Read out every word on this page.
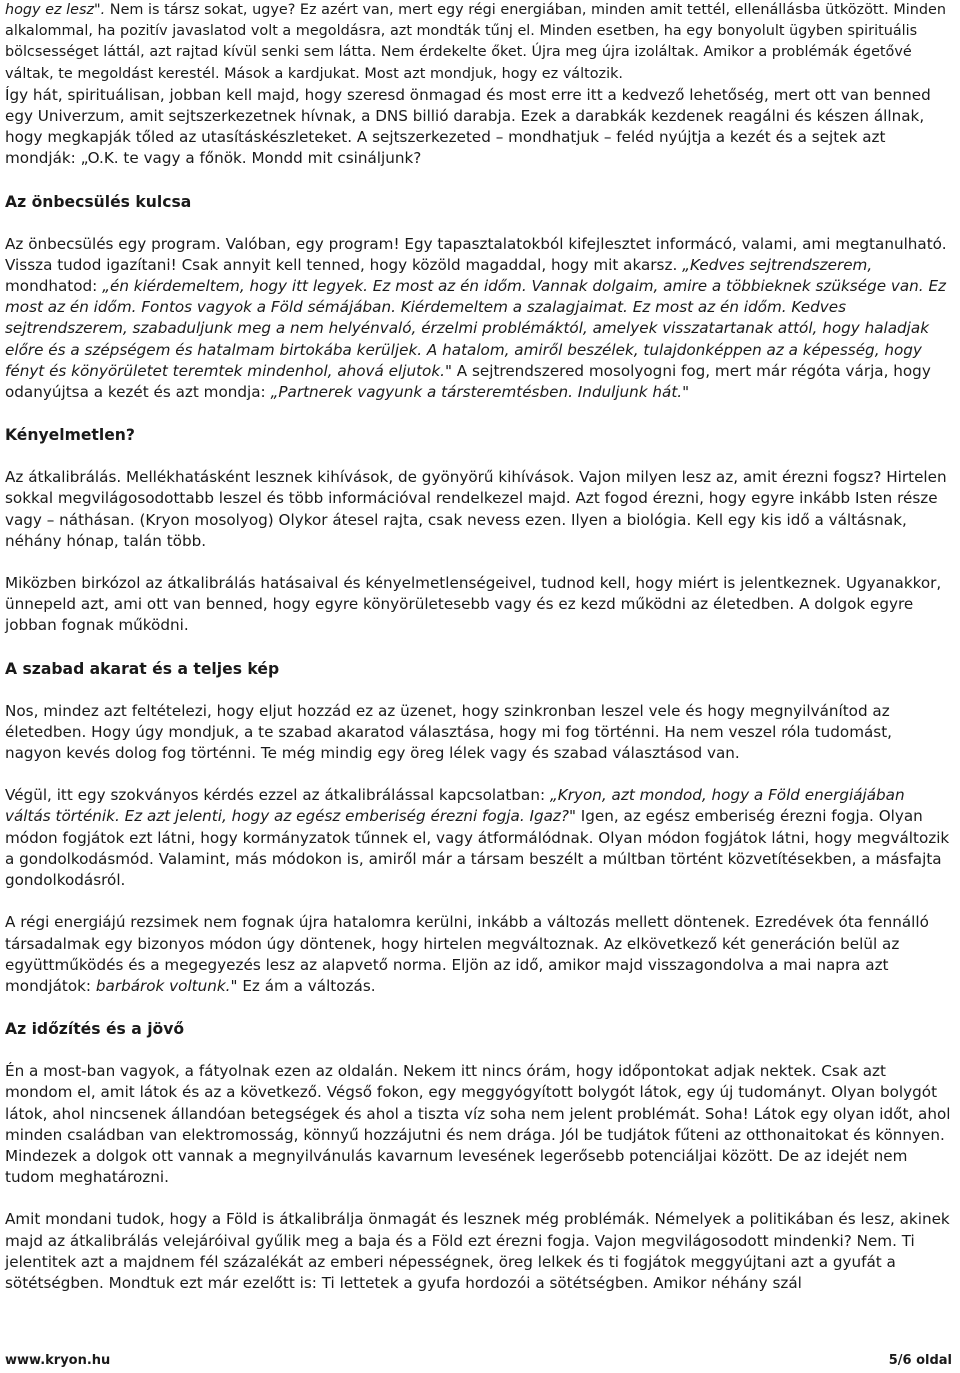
hogy ez lesz". Nem is társz sokat, ugye? Ez azért van, mert egy régi energiában, minden amit tettél, ellenállásba ütközött. Minden alkalommal, ha pozitív javaslatod volt a megoldásra, azt mondták tűnj el. Minden esetben, ha egy bonyolult ügyben spirituális bölcsességet láttál, azt rajtad kívül senki sem látta. Nem érdekelte őket. Újra meg újra izoláltak. Amikor a problémák égetővé váltak, te megoldást kerestél. Mások a kardjukat. Most azt mondjuk, hogy ez változik.

Így hát, spirituálisan, jobban kell majd, hogy szeresd önmagad és most erre itt a kedvező lehetőség, mert ott van benned egy Univerzum, amit sejtszerkezetnek hívnak, a DNS billió darabja. Ezek a darabkák kezdenek reagálni és készen állnak, hogy megkapják tőled az utasításkészleteket. A sejtszerkezeted – mondhatjuk – feléd nyújtja a kezét és a sejtek azt mondják: „O.K. te vagy a főnök. Mondd mit csináljunk?

Az önbecsülés kulcsa

Az önbecsülés egy program. Valóban, egy program! Egy tapasztalatokból kifejlesztet informácó, valami, ami megtanulható. Vissza tudod igazítani! Csak annyit kell tenned, hogy közöld magaddal, hogy mit akarsz. „Kedves sejtrendszerem, mondhatod: „én kiérdemeltem, hogy itt legyek. Ez most az én időm. Vannak dolgaim, amire a többieknek szüksége van. Ez most az én időm. Fontos vagyok a Föld sémájában. Kiérdemeltem a szalagjaimat. Ez most az én időm. Kedves sejtrendszerem, szabaduljunk meg a nem helyénvaló, érzelmi problémáktól, amelyek visszatartanak attól, hogy haladjak előre és a szépségem és hatalmam birtokába kerüljek. A hatalom, amiről beszélek, tulajdonképpen az a képesség, hogy fényt és könyörületet teremtek mindenhol, ahová eljutok." A sejtrendszered mosolyogni fog, mert már régóta várja, hogy odanyújtsa a kezét és azt mondja: „Partnerek vagyunk a társteremtésben. Induljunk hát."

Kényelmetlen?

Az átkalibrálás. Mellékhatásként lesznek kihívások, de gyönyörű kihívások. Vajon milyen lesz az, amit érezni fogsz? Hirtelen sokkal megvilágosodottabb leszel és több információval rendelkezel majd. Azt fogod érezni, hogy egyre inkább Isten része vagy – náthásan. (Kryon mosolyog) Olykor átesel rajta, csak nevess ezen. Ilyen a biológia. Kell egy kis idő a váltásnak, néhány hónap, talán több.

Miközben birkózol az átkalibrálás hatásaival és kényelmetlenségeivel, tudnod kell, hogy miért is jelentkeznek. Ugyanakkor, ünnepeld azt, ami ott van benned, hogy egyre könyörületesebb vagy és ez kezd működni az életedben. A dolgok egyre jobban fognak működni.

A szabad akarat és a teljes kép

Nos, mindez azt feltételezi, hogy eljut hozzád ez az üzenet, hogy szinkronban leszel vele és hogy megnyilvánítod az életedben. Hogy úgy mondjuk, a te szabad akaratod választása, hogy mi fog történni. Ha nem veszel róla tudomást, nagyon kevés dolog fog történni. Te még mindig egy öreg lélek vagy és szabad választásod van.

Végül, itt egy szokványos kérdés ezzel az átkalibrálással kapcsolatban: „Kryon, azt mondod, hogy a Föld energiájában váltás történik. Ez azt jelenti, hogy az egész emberiség érezni fogja. Igaz?" Igen, az egész emberiség érezni fogja. Olyan módon fogjátok ezt látni, hogy kormányzatok tűnnek el, vagy átformálódnak. Olyan módon fogjátok látni, hogy megváltozik a gondolkodásmód. Valamint, más módokon is, amiről már a társam beszélt a múltban történt közvetítésekben, a másfajta gondolkodásról.

A régi energiájú rezsimek nem fognak újra hatalomra kerülni, inkább a változás mellett döntenek. Ezredévek óta fennálló társadalmak egy bizonyos módon úgy döntenek, hogy hirtelen megváltoznak. Az elkövetkező két generáción belül az együttműködés és a megegyezés lesz az alapvető norma. Eljön az idő, amikor majd visszagondolva a mai napra azt mondjátok: barbárok voltunk." Ez ám a változás.

Az időzítés és a jövő

Én a most-ban vagyok, a fátyolnak ezen az oldalán. Nekem itt nincs órám, hogy időpontokat adjak nektek. Csak azt mondom el, amit látok és az a következő. Végső fokon, egy meggyógyított bolygót látok, egy új tudományt. Olyan bolygót látok, ahol nincsenek állandóan betegségek és ahol a tiszta víz soha nem jelent problémát. Soha! Látok egy olyan időt, ahol minden családban van elektromosság, könnyű hozzájutni és nem drága. Jól be tudjátok fűteni az otthonaitokat és könnyen. Mindezek a dolgok ott vannak a megnyilvánulás kavarnum levesének legerősebb potenciáljai között. De az idejét nem tudom meghatározni.

Amit mondani tudok, hogy a Föld is átkalibrálja önmagát és lesznek még problémák. Némelyek a politikában és lesz, akinek majd az átkalibrálás velejáróival gyűlik meg a baja és a Föld ezt érezni fogja. Vajon megvilágosodott mindenki? Nem. Ti jelentitek azt a majdnem fél százalékát az emberi népességnek, öreg lelkek és ti fogjátok meggyújtani azt a gyufát a sötétségben. Mondtuk ezt már ezelőtt is: Ti lettetek a gyufa hordozói a sötétségben. Amikor néhány szál

www.kryon.hu	5/6 oldal
